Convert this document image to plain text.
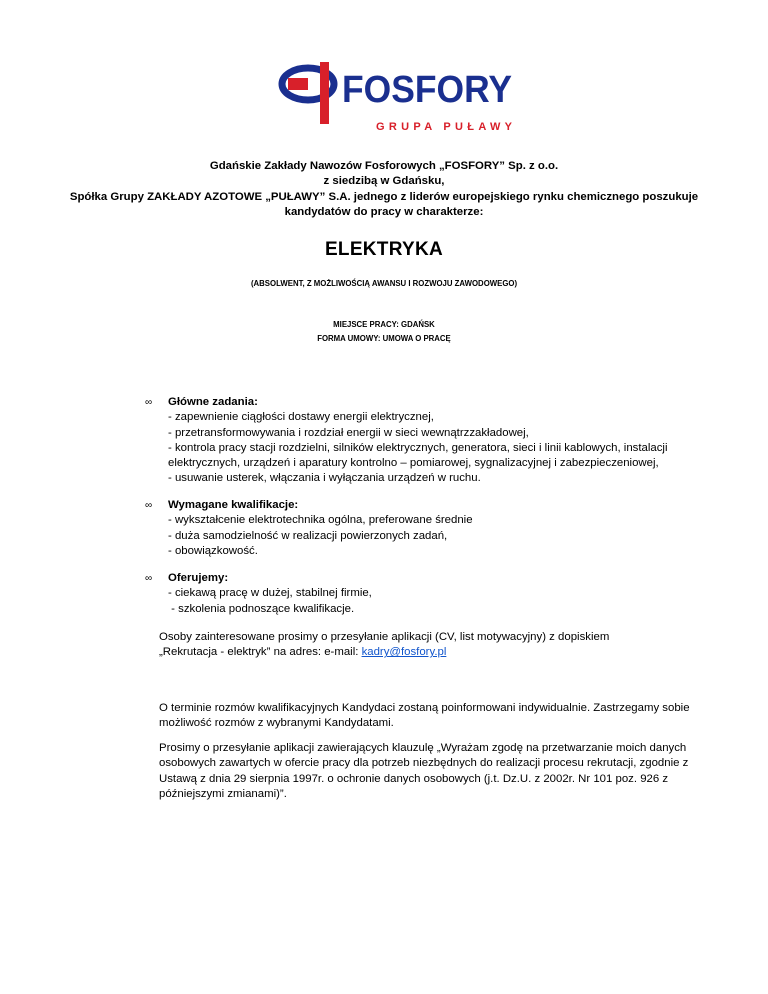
FOSFORY
GRUPA PUŁAWY
Gdańskie Zakłady Nawozów Fosforowych „FOSFORY” Sp. z o.o.
z siedzibą w Gdańsku,
Spółka Grupy ZAKŁADY AZOTOWE „PUŁAWY” S.A. jednego z liderów europejskiego rynku chemicznego poszukuje
kandydatów do pracy w charakterze:
ELEKTRYKA
(ABSOLWENT, Z MOŻLIWOŚCIĄ AWANSU I ROZWOJU ZAWODOWEGO)
MIEJSCE PRACY: GDAŃSK
FORMA UMOWY: UMOWA O PRACĘ
∞	Główne zadania:
- zapewnienie ciągłości dostawy energii elektrycznej,
- przetransformowywania i rozdział energii w sieci wewnątrzzakładowej,
- kontrola pracy stacji rozdzielni, silników elektrycznych, generatora, sieci i linii kablowych, instalacji
elektrycznych, urządzeń i aparatury kontrolno – pomiarowej, sygnalizacyjnej i zabezpieczeniowej,
- usuwanie usterek, włączania i wyłączania urządzeń w ruchu.
∞	Wymagane kwalifikacje:
- wykształcenie elektrotechnika ogólna, preferowane średnie
- duża samodzielność w realizacji powierzonych zadań,
- obowiązkowość.
∞	Oferujemy:
- ciekawą pracę w dużej, stabilnej firmie,
- szkolenia podnoszące kwalifikacje.
Osoby zainteresowane prosimy o przesyłanie aplikacji (CV, list motywacyjny) z dopiskiem
„Rekrutacja - elektryk” na adres: e-mail: kadry@fosfory.pl
O terminie rozmów kwalifikacyjnych Kandydaci zostaną poinformowani indywidualnie. Zastrzegamy sobie możliwość rozmów z wybranymi Kandydatami.
Prosimy o przesyłanie aplikacji zawierających klauzulę „Wyrażam zgodę na przetwarzanie moich danych osobowych zawartych w ofercie pracy dla potrzeb niezbędnych do realizacji procesu rekrutacji, zgodnie z Ustawą z dnia 29 sierpnia 1997r. o ochronie danych osobowych (j.t. Dz.U. z 2002r. Nr 101 poz. 926 z późniejszymi zmianami)”.
